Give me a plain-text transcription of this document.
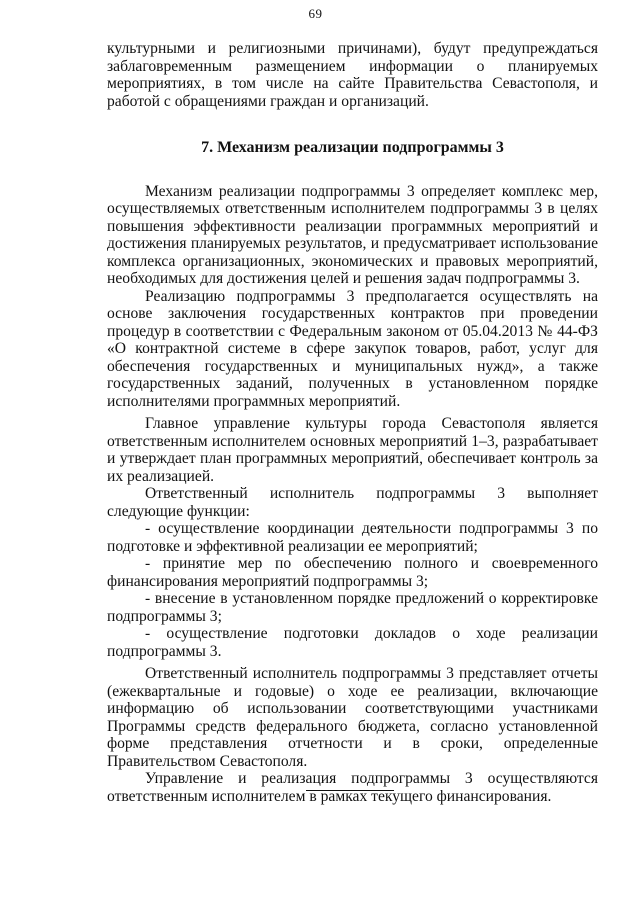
69

культурными и религиозными причинами), будут предупреждаться заблаговременным размещением информации о планируемых мероприятиях, в том числе на сайте Правительства Севастополя, и работой с обращениями граждан и организаций.

7. Механизм реализации подпрограммы 3

Механизм реализации подпрограммы 3 определяет комплекс мер, осуществляемых ответственным исполнителем подпрограммы 3 в целях повышения эффективности реализации программных мероприятий и достижения планируемых результатов, и предусматривает использование комплекса организационных, экономических и правовых мероприятий, необходимых для достижения целей и решения задач подпрограммы 3.

Реализацию подпрограммы 3 предполагается осуществлять на основе заключения государственных контрактов при проведении процедур в соответствии с Федеральным законом от 05.04.2013 № 44-ФЗ «О контрактной системе в сфере закупок товаров, работ, услуг для обеспечения государственных и муниципальных нужд», а также государственных заданий, полученных в установленном порядке исполнителями программных мероприятий.

Главное управление культуры города Севастополя является ответственным исполнителем основных мероприятий 1–3, разрабатывает и утверждает план программных мероприятий, обеспечивает контроль за их реализацией.

Ответственный исполнитель подпрограммы 3 выполняет следующие функции:

- осуществление координации деятельности подпрограммы 3 по подготовке и эффективной реализации ее мероприятий;

- принятие мер по обеспечению полного и своевременного финансирования мероприятий подпрограммы 3;

- внесение в установленном порядке предложений о корректировке подпрограммы 3;

- осуществление подготовки докладов о ходе реализации подпрограммы 3.

Ответственный исполнитель подпрограммы 3 представляет отчеты (ежеквартальные и годовые) о ходе ее реализации, включающие информацию об использовании соответствующими участниками Программы средств федерального бюджета, согласно установленной форме представления отчетности и в сроки, определенные Правительством Севастополя.

Управление и реализация подпрограммы 3 осуществляются ответственным исполнителем в рамках текущего финансирования.
